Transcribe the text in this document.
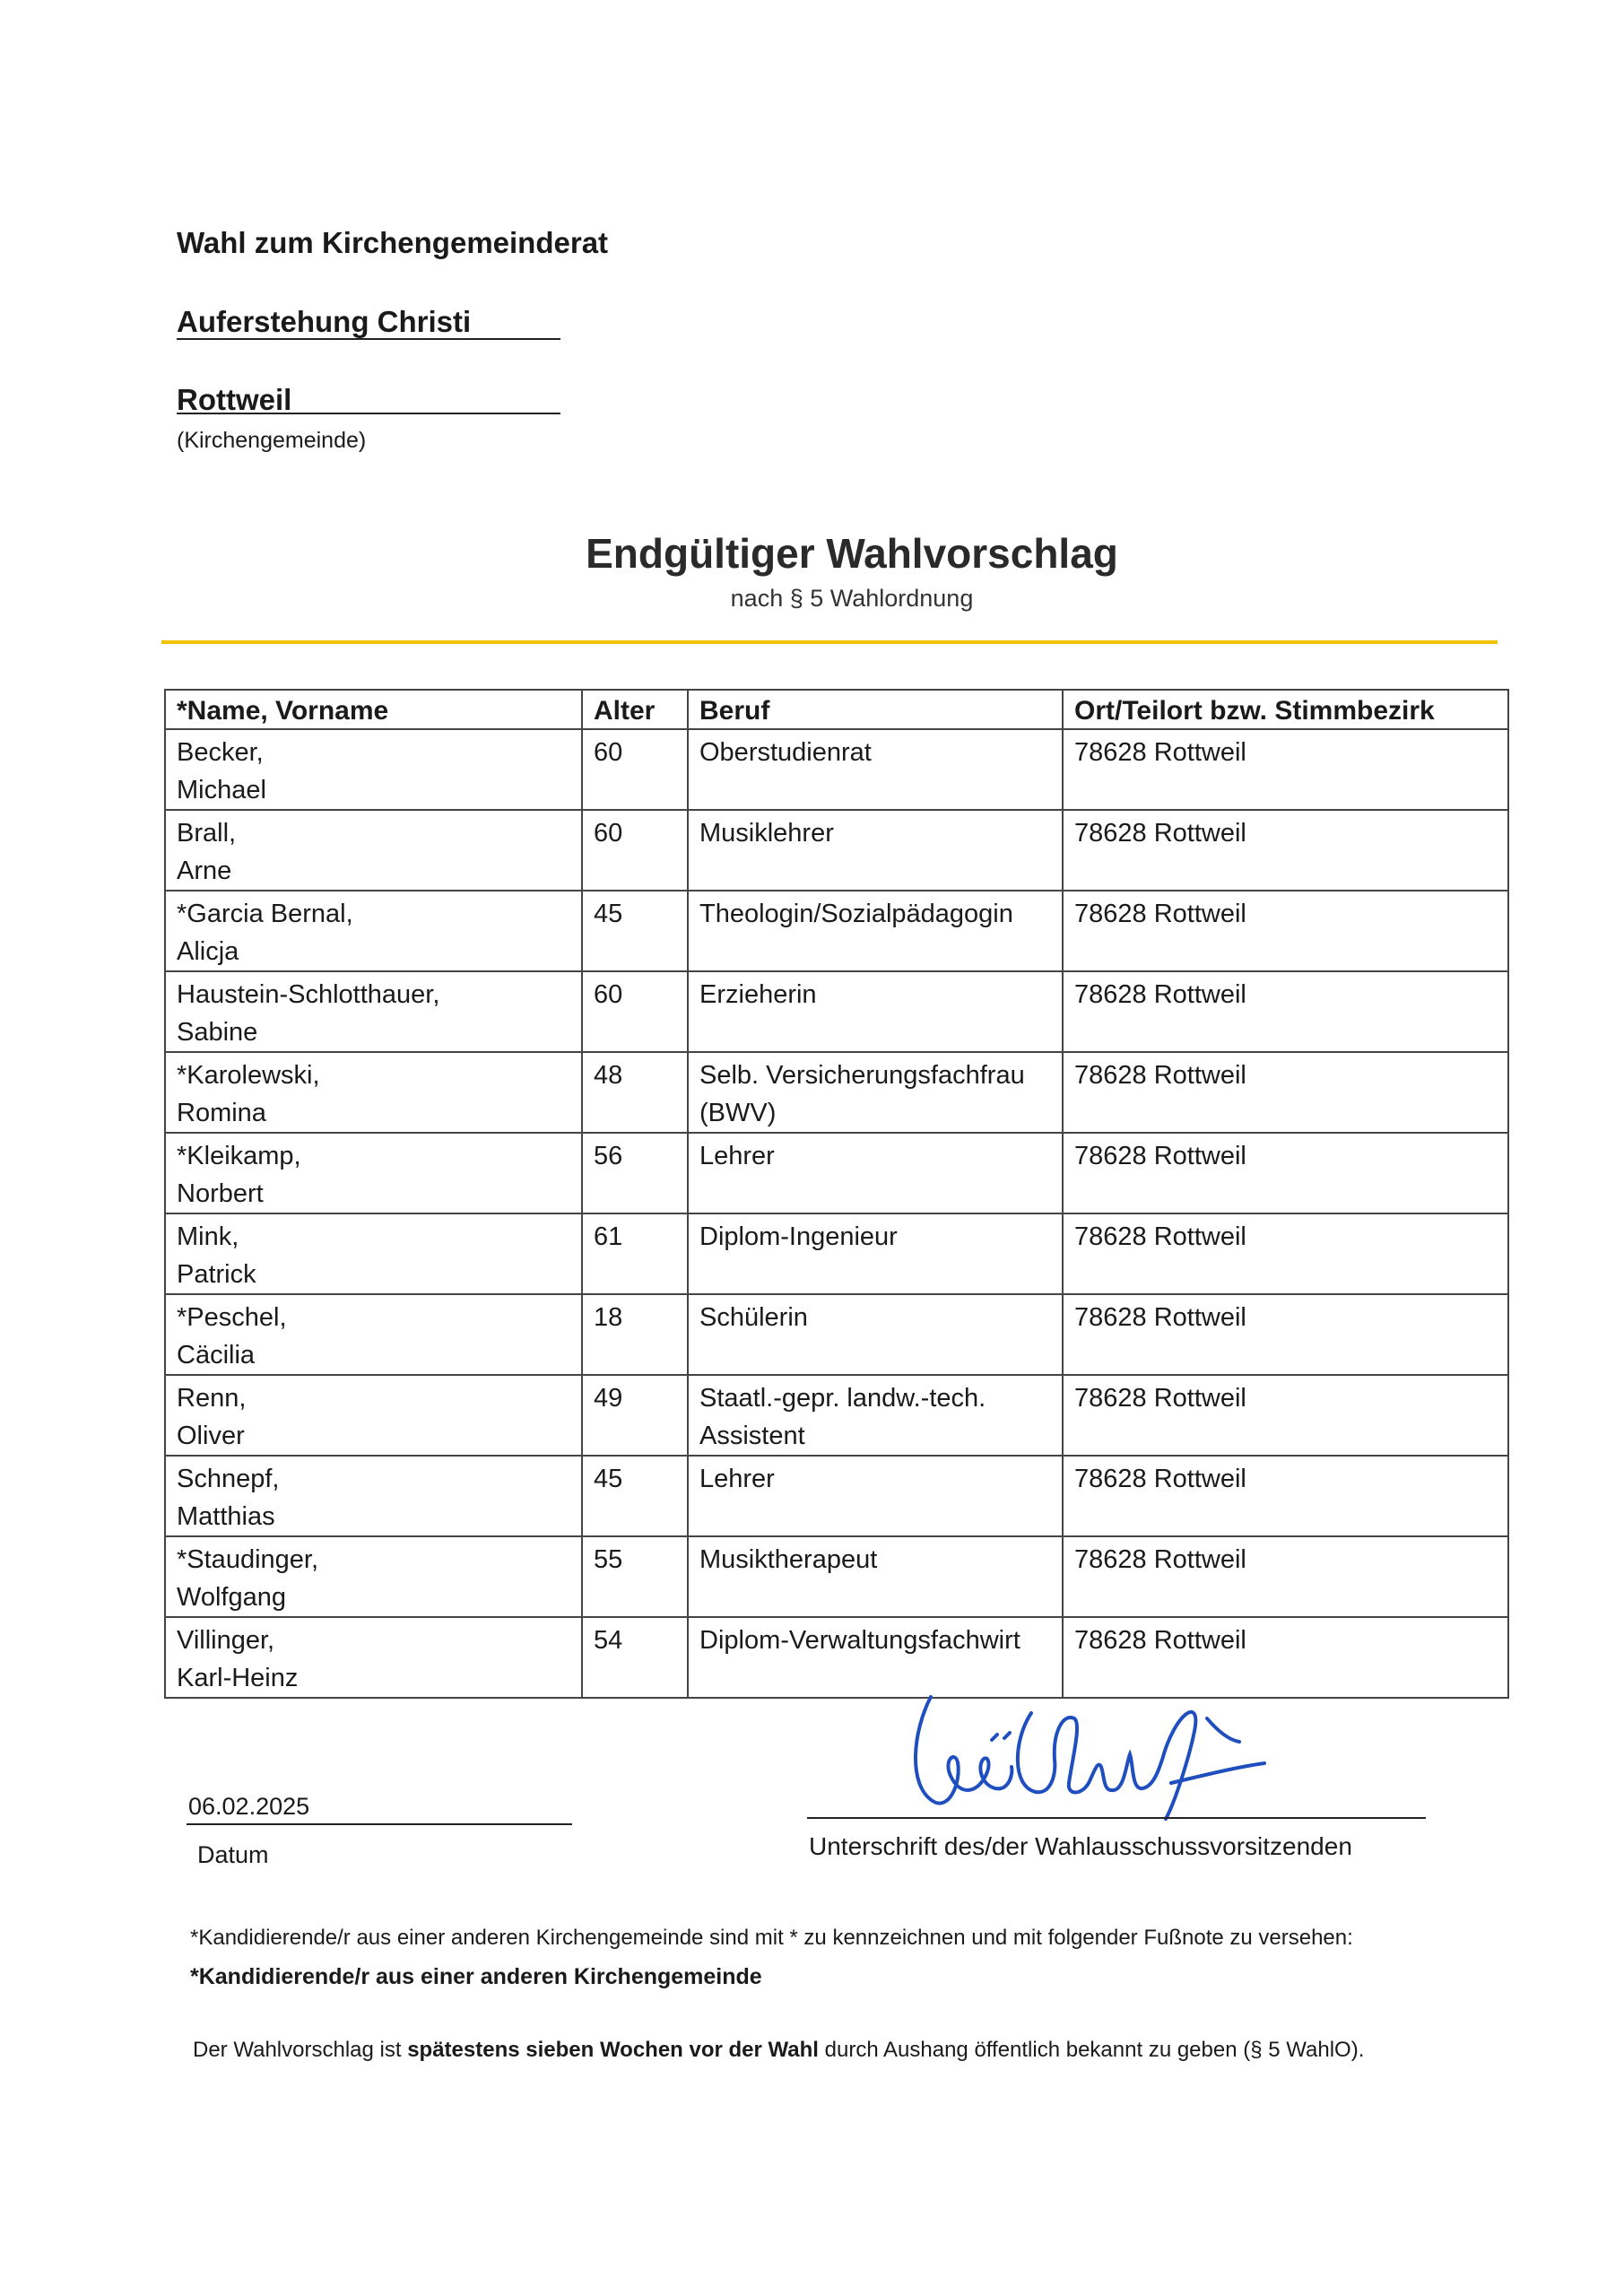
Wahl zum Kirchengemeinderat
Auferstehung Christi
Rottweil
(Kirchengemeinde)
Endgültiger Wahlvorschlag
nach § 5 Wahlordnung
*Name, Vorname	Alter	Beruf	Ort/Teilort bzw. Stimmbezirk

Becker,
Michael	60	Oberstudienrat	78628 Rottweil

Brall,
Arne	60	Musiklehrer	78628 Rottweil

*Garcia Bernal,
Alicja	45	Theologin/Sozialpädagogin	78628 Rottweil

Haustein-Schlotthauer,
Sabine	60	Erzieherin	78628 Rottweil

*Karolewski,
Romina	48	Selb. Versicherungsfachfrau (BWV)	78628 Rottweil

*Kleikamp,
Norbert	56	Lehrer	78628 Rottweil

Mink,
Patrick	61	Diplom-Ingenieur	78628 Rottweil

*Peschel,
Cäcilia	18	Schülerin	78628 Rottweil

Renn,
Oliver	49	Staatl.-gepr. landw.-tech. Assistent	78628 Rottweil

Schnepf,
Matthias	45	Lehrer	78628 Rottweil

*Staudinger,
Wolfgang	55	Musiktherapeut	78628 Rottweil

Villinger,
Karl-Heinz	54	Diplom-Verwaltungsfachwirt	78628 Rottweil
06.02.2025
Datum	Unterschrift des/der Wahlausschussvorsitzenden
*Kandidierende/r aus einer anderen Kirchengemeinde sind mit * zu kennzeichnen und mit folgender Fußnote zu versehen:
*Kandidierende/r aus einer anderen Kirchengemeinde
Der Wahlvorschlag ist spätestens sieben Wochen vor der Wahl durch Aushang öffentlich bekannt zu geben (§ 5 WahlO).
